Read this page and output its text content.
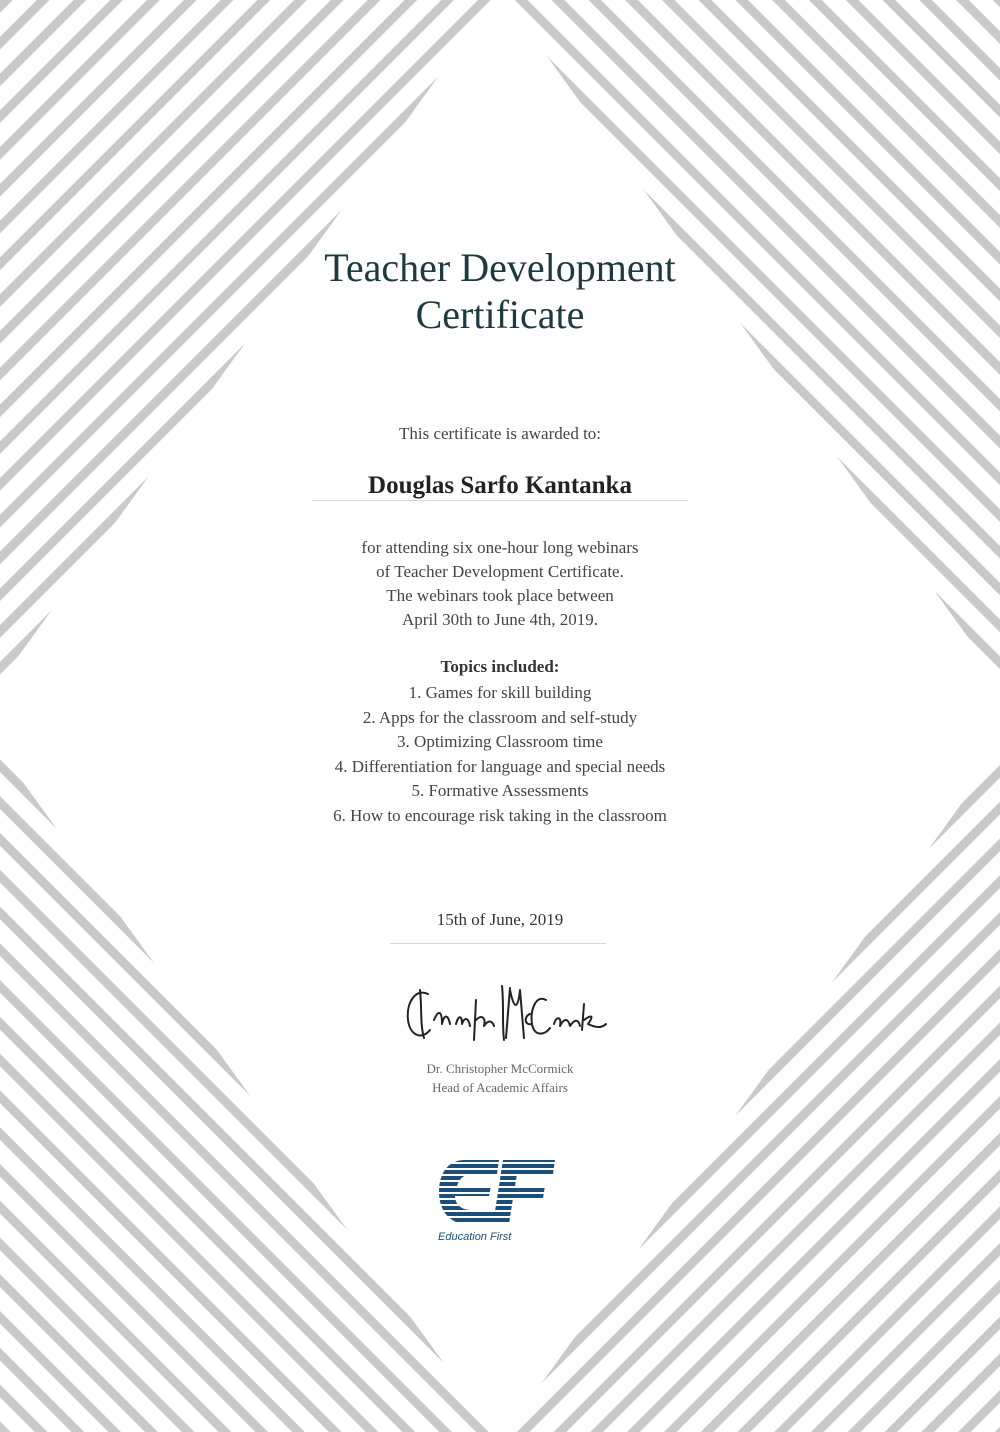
Teacher Development
Certificate
This certificate is awarded to:
Douglas Sarfo Kantanka
for attending six one-hour long webinars
of Teacher Development Certificate.
The webinars took place between
April 30th to June 4th, 2019.
Topics included:
1. Games for skill building
2. Apps for the classroom and self-study
3. Optimizing Classroom time
4. Differentiation for language and special needs
5. Formative Assessments
6. How to encourage risk taking in the classroom
15th of June, 2019
Dr. Christopher McCormick
Head of Academic Affairs
Education First
